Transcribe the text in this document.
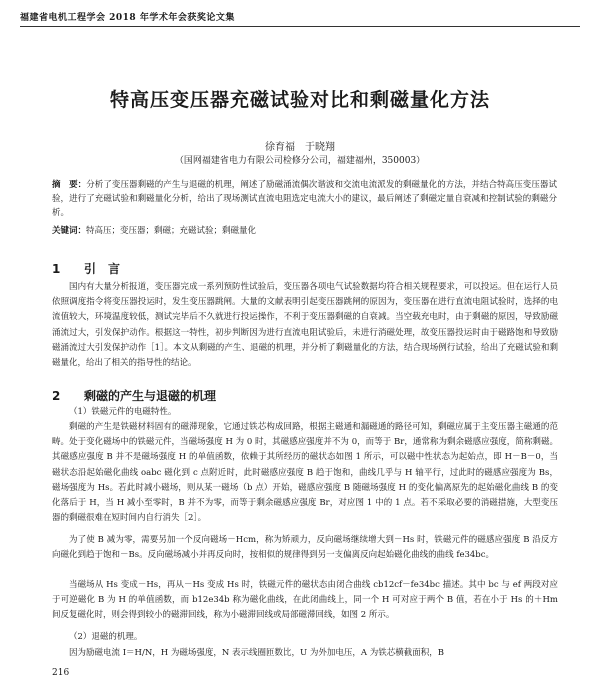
福建省电机工程学会 2018 年学术年会获奖论文集
特高压变压器充磁试验对比和剩磁量化方法
徐育福　于晓翔
（国网福建省电力有限公司检修分公司，福建福州，350003）
摘　要：分析了变压器剩磁的产生与退磁的机理，阐述了励磁涌流偶次谐波和交流电流派发的剩磁量化的方法，并结合特高压变压器试验，进行了充磁试验和剩磁量化分析，给出了现场测试直流电阻选定电流大小的建议，最后阐述了剩磁定量自衰减和控制试验的剩磁分析。
关键词：特高压；变压器；剩磁；充磁试验；剩磁量化
1 引　言
国内有大量分析报道，变压器完成一系列预防性试验后，变压器各项电气试验数据均符合相关规程要求，可以投运。但在运行人员依照调度指令将变压器投运时，发生变压器跳闸。大量的文献表明引起变压器跳闸的原因为，变压器在进行直流电阻试验时，选择的电流值较大，环境温度较低，测试完毕后不久就进行投运操作，不利于变压器剩磁的自衰减。当空载充电时，由于剩磁的原因，导致励磁涌流过大，引发保护动作。根据这一特性，初步判断因为进行直流电阻试验后，未进行消磁处理，故变压器投运时由于磁路饱和导致励磁涌流过大引发保护动作［1］。本文从剩磁的产生、退磁的机理，并分析了剩磁量化的方法，结合现场例行试验，给出了充磁试验和剩磁量化，给出了相关的指导性的结论。
2 剩磁的产生与退磁的机理
（1）铁磁元件的电磁特性。
剩磁的产生是铁磁材料固有的磁滞现象，它通过铁芯构成回路，根据主磁通和漏磁通的路径可知，剩磁应属于主变压器主磁通的范畴。处于变化磁场中的铁磁元件，当磁场强度 H 为 0 时，其磁感应强度并不为 0，而等于 Br，通常称为剩余磁感应强度，简称剩磁。其磁感应强度 B 并不是磁场强度 H 的单值函数，依赖于其所经历的磁状态如图 1 所示，可以磁中性状态为起始点，即 H－B－0，当磁状态沿起始磁化曲线 oabc 磁化到 c 点附近时，此时磁感应强度 B 趋于饱和，曲线几乎与 H 轴平行，过此时的磁感应强度为 Bs，磁场强度为 Hs。若此时减小磁场，则从某一磁场（b 点）开始，磁感应强度 B 随磁场强度 H 的变化偏离原先的起始磁化曲线 B 的变化落后于 H，当 H 减小至零时，B 并不为零，而等于剩余磁感应强度 Br，对应图 1 中的 1 点。若不采取必要的消磁措施，大型变压器的剩磁很难在短时间内自行消失［2］。
为了使 B 减为零，需要另加一个反向磁场－Hcm，称为矫顽力，反向磁场继续增大到－Hs 时，铁磁元件的磁感应强度 B 沿反方向磁化到趋于饱和－Bs。反向磁场减小并再反向时，按相似的规律得到另一支偏离反向起始磁化曲线的曲线 fe34bc。
当磁场从 Hs 变成－Hs，再从－Hs 变成 Hs 时，铁磁元件的磁状态由闭合曲线 cb12cf－fe34bc 描述。其中 bc 与 ef 两段对应于可逆磁化 B 为 H 的单值函数，而 b12e34b 称为磁化曲线，在此闭曲线上，同一个 H 可对应于两个 B 值，若在小于 Hs 的＋Hm 间反复磁化时，则会得到较小的磁滞回线，称为小磁滞回线或局部磁滞回线，如图 2 所示。
（2）退磁的机理。
因为励磁电流 I＝H/N，H 为磁场强度，N 表示线圈匝数比，U 为外加电压，A 为铁芯横截面积，B
216
